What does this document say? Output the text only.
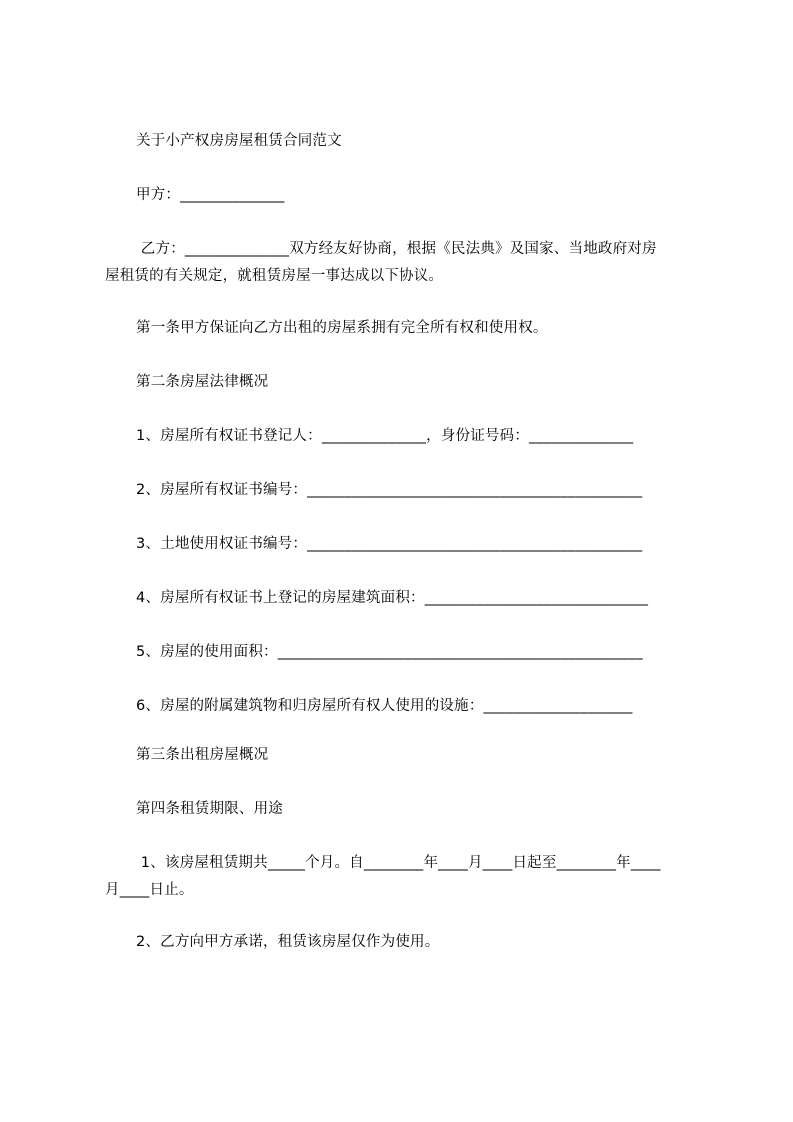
关于小产权房房屋租赁合同范文
甲方：______________
乙方：______________双方经友好协商，根据《民法典》及国家、当地政府对房
屋租赁的有关规定，就租赁房屋一事达成以下协议。
第一条甲方保证向乙方出租的房屋系拥有完全所有权和使用权。
第二条房屋法律概况
1、房屋所有权证书登记人：______________，身份证号码：______________
2、房屋所有权证书编号：_____________________________________________
3、土地使用权证书编号：_____________________________________________
4、房屋所有权证书上登记的房屋建筑面积：______________________________
5、房屋的使用面积：_________________________________________________
6、房屋的附属建筑物和归房屋所有权人使用的设施：____________________
第三条出租房屋概况
第四条租赁期限、用途
1、该房屋租赁期共_____个月。自________年____月____日起至________年____
月____日止。
2、乙方向甲方承诺，租赁该房屋仅作为使用。
